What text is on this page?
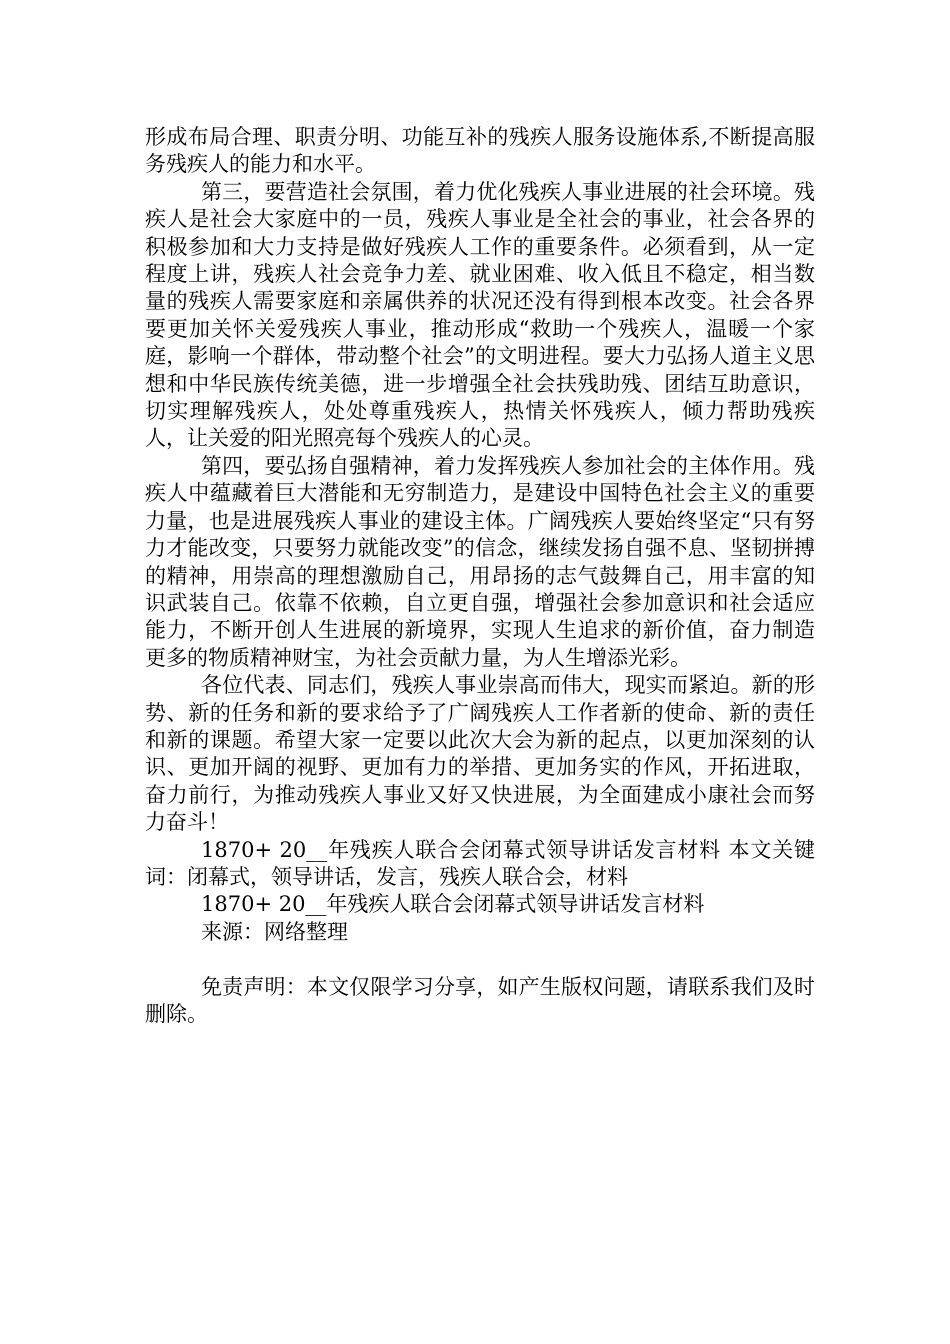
形成布局合理、职责分明、功能互补的残疾人服务设施体系,不断提高服务残疾人的能力和水平。

第三，要营造社会氛围，着力优化残疾人事业进展的社会环境。残疾人是社会大家庭中的一员，残疾人事业是全社会的事业，社会各界的积极参加和大力支持是做好残疾人工作的重要条件。必须看到，从一定程度上讲，残疾人社会竞争力差、就业困难、收入低且不稳定，相当数量的残疾人需要家庭和亲属供养的状况还没有得到根本改变。社会各界要更加关怀关爱残疾人事业，推动形成“救助一个残疾人，温暖一个家庭，影响一个群体，带动整个社会”的文明进程。要大力弘扬人道主义思想和中华民族传统美德，进一步增强全社会扶残助残、团结互助意识，切实理解残疾人，处处尊重残疾人，热情关怀残疾人，倾力帮助残疾人，让关爱的阳光照亮每个残疾人的心灵。

第四，要弘扬自强精神，着力发挥残疾人参加社会的主体作用。残疾人中蕴藏着巨大潜能和无穷制造力，是建设中国特色社会主义的重要力量，也是进展残疾人事业的建设主体。广阔残疾人要始终坚定“只有努力才能改变，只要努力就能改变”的信念，继续发扬自强不息、坚韧拼搏的精神，用崇高的理想激励自己，用昂扬的志气鼓舞自己，用丰富的知识武装自己。依靠不依赖，自立更自强，增强社会参加意识和社会适应能力，不断开创人生进展的新境界，实现人生追求的新价值，奋力制造更多的物质精神财宝，为社会贡献力量，为人生增添光彩。

各位代表、同志们，残疾人事业崇高而伟大，现实而紧迫。新的形势、新的任务和新的要求给予了广阔残疾人工作者新的使命、新的责任和新的课题。希望大家一定要以此次大会为新的起点，以更加深刻的认识、更加开阔的视野、更加有力的举措、更加务实的作风，开拓进取，奋力前行，为推动残疾人事业又好又快进展，为全面建成小康社会而努力奋斗！

1870+ 20__年残疾人联合会闭幕式领导讲话发言材料 本文关键词：闭幕式，领导讲话，发言，残疾人联合会，材料

1870+ 20__年残疾人联合会闭幕式领导讲话发言材料

来源：网络整理

免责声明：本文仅限学习分享，如产生版权问题，请联系我们及时删除。
